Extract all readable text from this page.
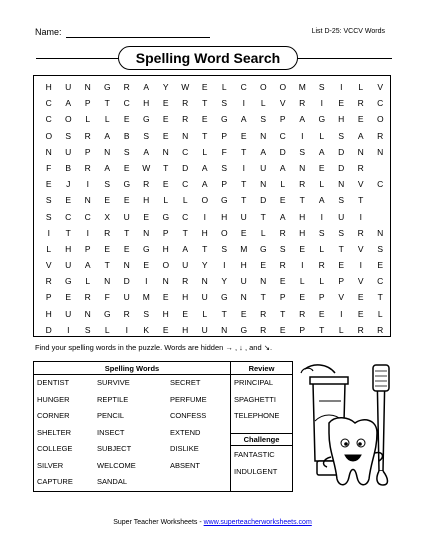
Name:	List D-25: VCCV Words
Spelling Word Search
H	U	N	G	R	A	Y	W	E	L	C	O	O	M	S	I	L	V
C	A	P	T	C	H	E	R	T	S	I	L	V	R	I	E	R	C
C	O	L	L	E	G	E	R	E	G	A	S	P	A	G	H	E	O
O	S	R	A	B	S	E	N	T	P	E	N	C	I	L	S	A	R
N	U	P	N	S	A	N	C	L	F	T	A	D	S	A	D	N	N
F	B	R	A	E	W	T	D	A	S	I	U	A	N	E	D	R
E	J	I	S	G	R	E	C	A	P	T	N	L	R	L	N	V	C
S	E	N	E	E	H	L	L	O	G	T	D	E	T	A	S	T
S	C	C	X	U	E	G	C	I	H	U	T	A	H	I	U	I
I	T	I	R	T	N	P	T	H	O	E	L	R	H	S	S	R	N
L	H	P	E	E	G	H	A	T	S	M	G	S	E	L	T	V	S
V	U	A	T	N	E	O	U	Y	I	H	E	R	I	R	E	I	E
R	G	L	N	D	I	N	R	N	Y	U	N	E	L	L	P	V	C
P	E	R	F	U	M	E	H	U	G	N	T	P	E	P	V	E	T
H	U	N	G	R	S	H	E	L	T	E	R	T	R	E	I	E	L
D	I	S	L	I	K	E	H	U	N	G	R	E	P	T	L	R	R
Find your spelling words in the puzzle. Words are hidden → , ↓ , and ↘.
Spelling Words
DENTIST
HUNGER
CORNER
SHELTER
COLLEGE
SILVER
CAPTURE
SURVIVE
REPTILE
PENCIL
INSECT
SUBJECT
WELCOME
SANDAL
SECRET
PERFUME
CONFESS
EXTEND
DISLIKE
ABSENT
Review
PRINCIPAL
SPAGHETTI
TELEPHONE
Challenge
FANTASTIC
INDULGENT
Super Teacher Worksheets - www.superteacherworksheets.com
